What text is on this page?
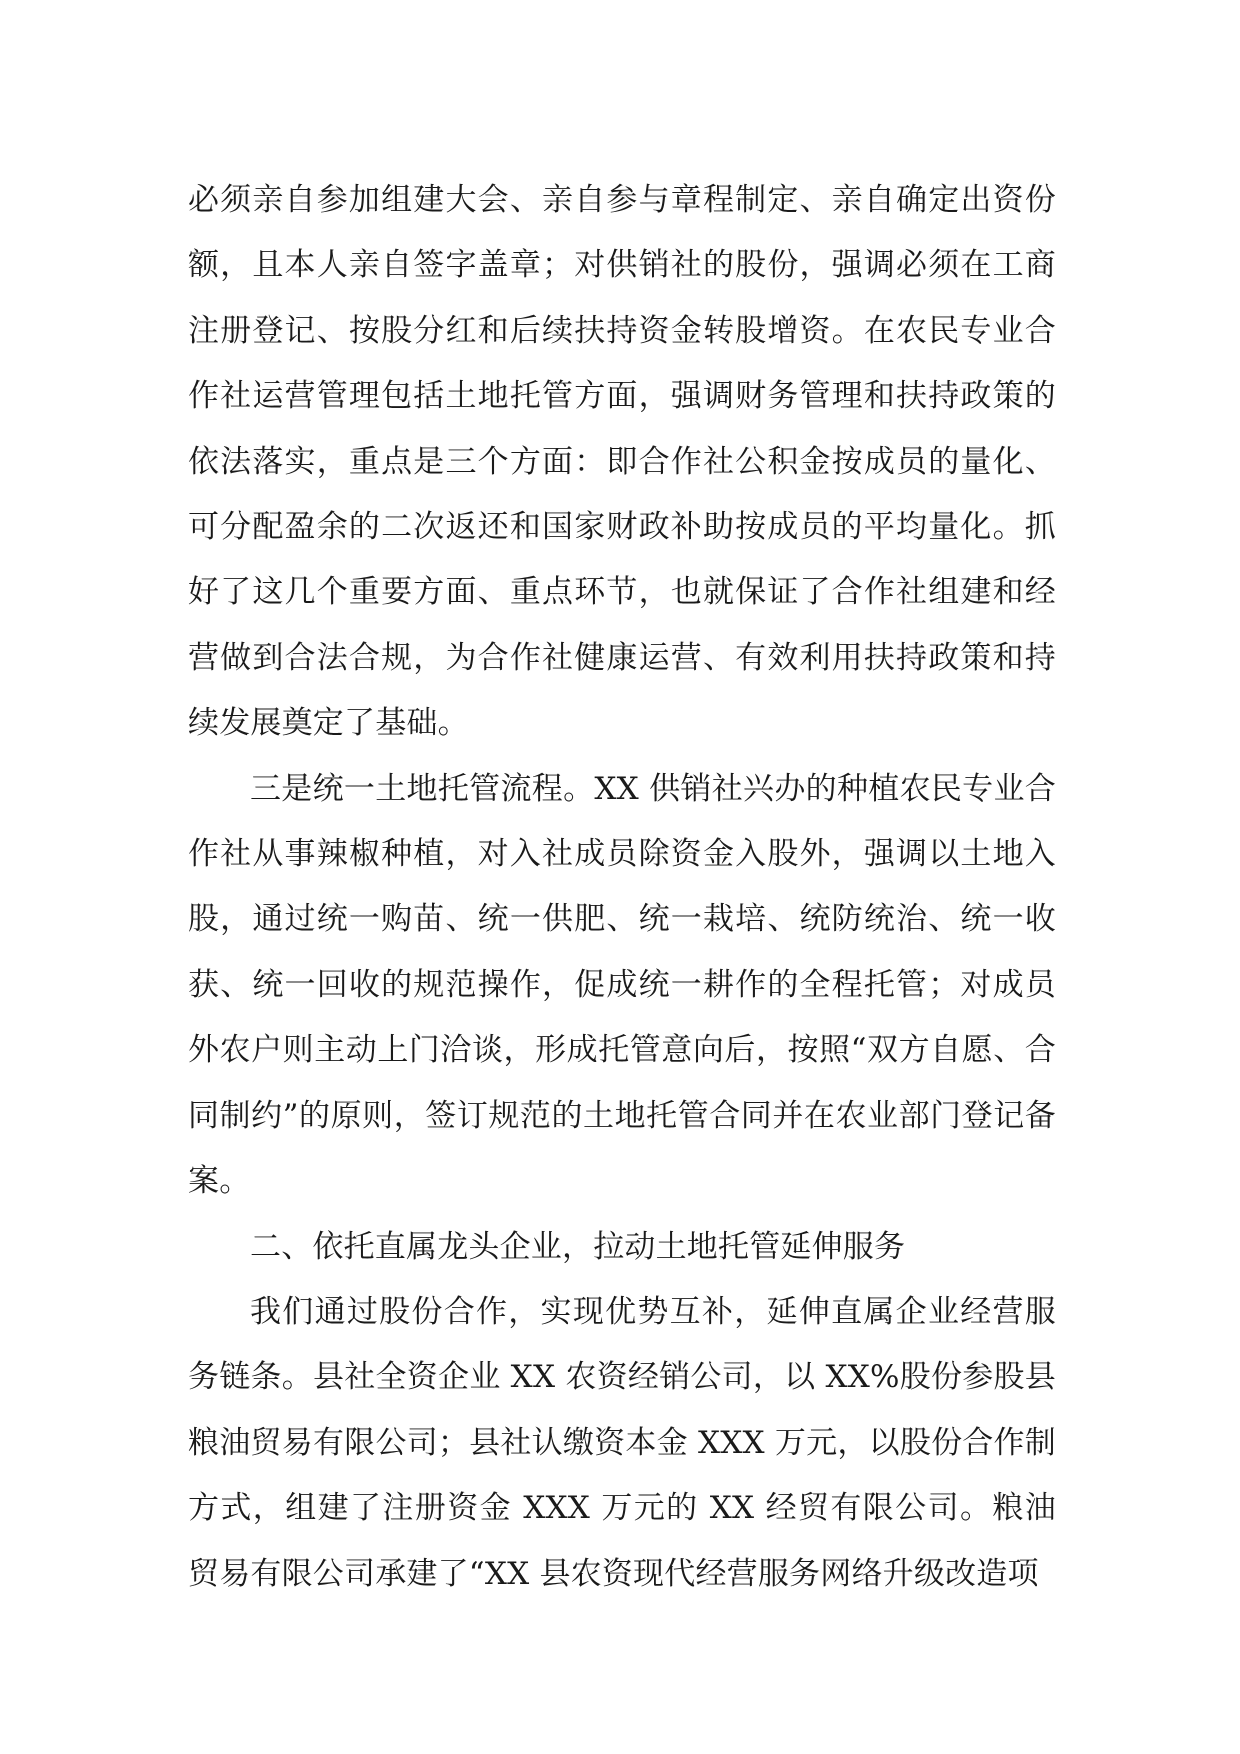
必须亲自参加组建大会、亲自参与章程制定、亲自确定出资份额，且本人亲自签字盖章；对供销社的股份，强调必须在工商注册登记、按股分红和后续扶持资金转股增资。在农民专业合作社运营管理包括土地托管方面，强调财务管理和扶持政策的依法落实，重点是三个方面：即合作社公积金按成员的量化、可分配盈余的二次返还和国家财政补助按成员的平均量化。抓好了这几个重要方面、重点环节，也就保证了合作社组建和经营做到合法合规，为合作社健康运营、有效利用扶持政策和持续发展奠定了基础。

三是统一土地托管流程。XX 供销社兴办的种植农民专业合作社从事辣椒种植，对入社成员除资金入股外，强调以土地入股，通过统一购苗、统一供肥、统一栽培、统防统治、统一收获、统一回收的规范操作，促成统一耕作的全程托管；对成员外农户则主动上门洽谈，形成托管意向后，按照“双方自愿、合同制约”的原则，签订规范的土地托管合同并在农业部门登记备案。

二、依托直属龙头企业，拉动土地托管延伸服务

我们通过股份合作，实现优势互补，延伸直属企业经营服务链条。县社全资企业 XX 农资经销公司，以 XX%股份参股县粮油贸易有限公司；县社认缴资本金 XXX 万元，以股份合作制方式，组建了注册资金 XXX 万元的 XX 经贸有限公司。粮油贸易有限公司承建了“XX 县农资现代经营服务网络升级改造项
